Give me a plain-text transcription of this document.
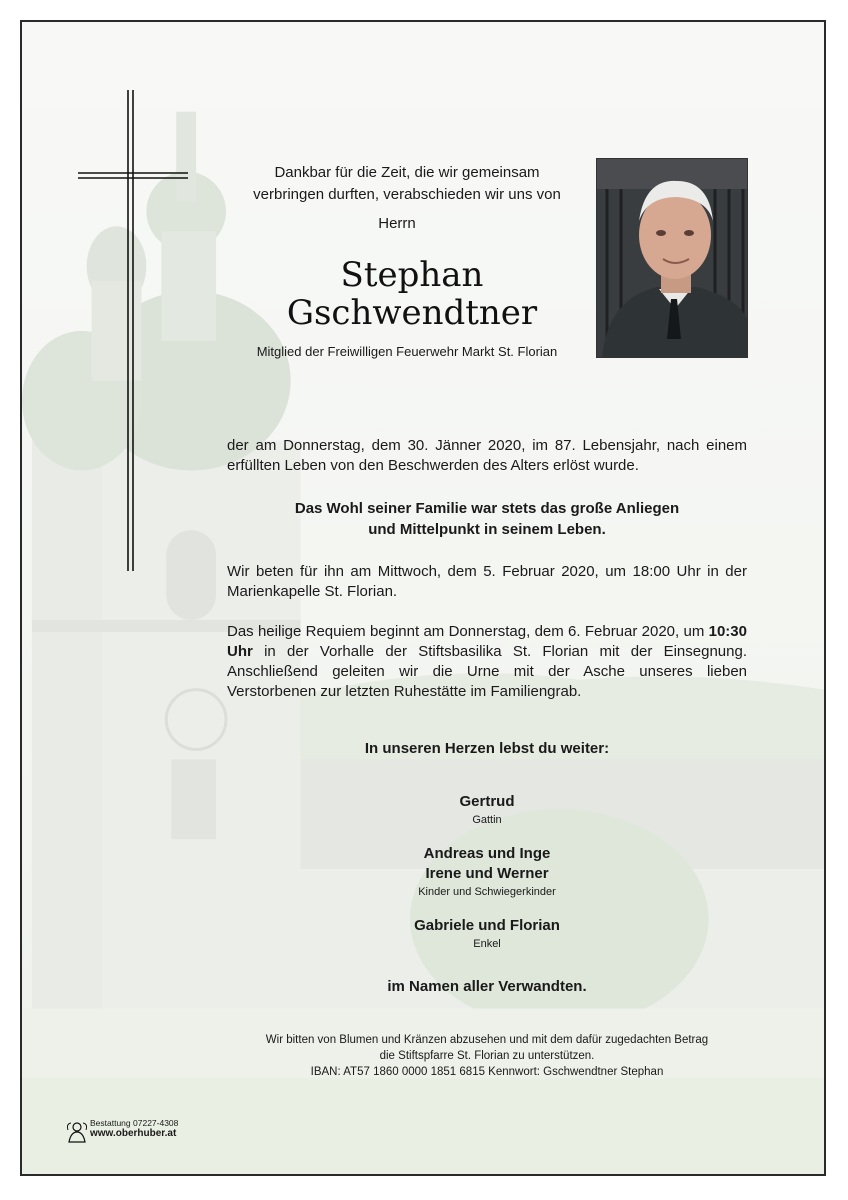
Dankbar für die Zeit, die wir gemeinsam
verbringen durften, verabschieden wir uns von
Herrn
Stephan
Gschwendtner
Mitglied der Freiwilligen Feuerwehr Markt St. Florian
der am Donnerstag, dem 30. Jänner 2020, im 87. Lebensjahr, nach einem erfüllten Leben von den Beschwerden des Alters erlöst wurde.
Das Wohl seiner Familie war stets das große Anliegen
und Mittelpunkt in seinem Leben.
Wir beten für ihn am Mittwoch, dem 5. Februar 2020, um 18:00 Uhr in der Marienkapelle St. Florian.
Das heilige Requiem beginnt am Donnerstag, dem 6. Februar 2020, um 10:30 Uhr in der Vorhalle der Stiftsbasilika St. Florian mit der Einsegnung. Anschließend geleiten wir die Urne mit der Asche unseres lieben Verstorbenen zur letzten Ruhestätte im Familiengrab.
In unseren Herzen lebst du weiter:
Gertrud
Gattin
Andreas und Inge
Irene und Werner
Kinder und Schwiegerkinder
Gabriele und Florian
Enkel
im Namen aller Verwandten.
Wir bitten von Blumen und Kränzen abzusehen und mit dem dafür zugedachten Betrag
die Stiftspfarre St. Florian zu unterstützen.
IBAN: AT57 1860 0000 1851 6815 Kennwort: Gschwendtner Stephan
Bestattung 07227-4308
www.oberhuber.at
